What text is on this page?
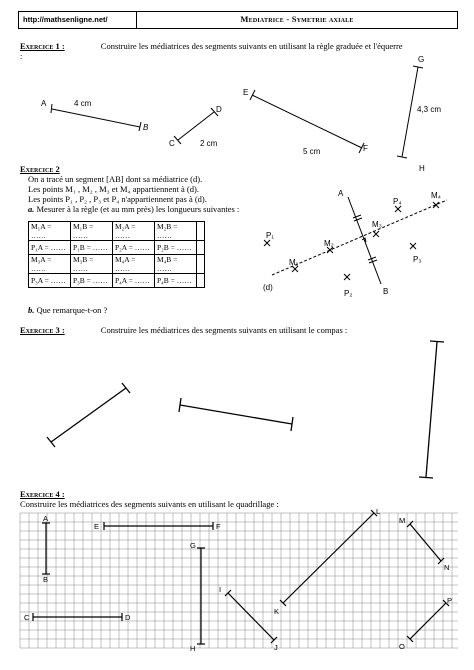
http://mathsenligne.net/	Mediatrice - Symetrie axiale
Exercice 1 :	Construire les médiatrices des segments suivants en utilisant la règle graduée et l'équerre
:
A
B
4 cm
C
D
2 cm
E
F
5 cm
G
H
4,3 cm
A
B
M₁
M₂
M₃
M₄
P₁
P₂
P₃
P₄
(d)
A
B
E	F
G
H
C	D
I
J
K
L
M
N
O
P
Exercice 2
On a tracé un segment [AB] dont sa médiatrice (d).
Les points M₁ , M₂ , M₃ et M₄ appartiennent à (d).
Les points P₁ , P₂ , P₃ et P₄ n'appartiennent pas à (d).
a. Mesurer à la règle (et au mm près) les longueurs suivantes :
M₁A = ……	M₁B = ……	M₂A = ……	M₂B = ……	
P₁A = ……	P₁B = ……	P₂A = ……	P₂B = ……	
M₃A = ……	M₃B = ……	M₄A = ……	M₄B = ……	
P₃A = ……	P₃B = ……	P₄A = ……	P₄B = ……	
b. Que remarque-t-on ?
Exercice 3 :	Construire les médiatrices des segments suivants en utilisant le compas :
Exercice 4 :
Construire les médiatrices des segments suivants en utilisant le quadrillage :
